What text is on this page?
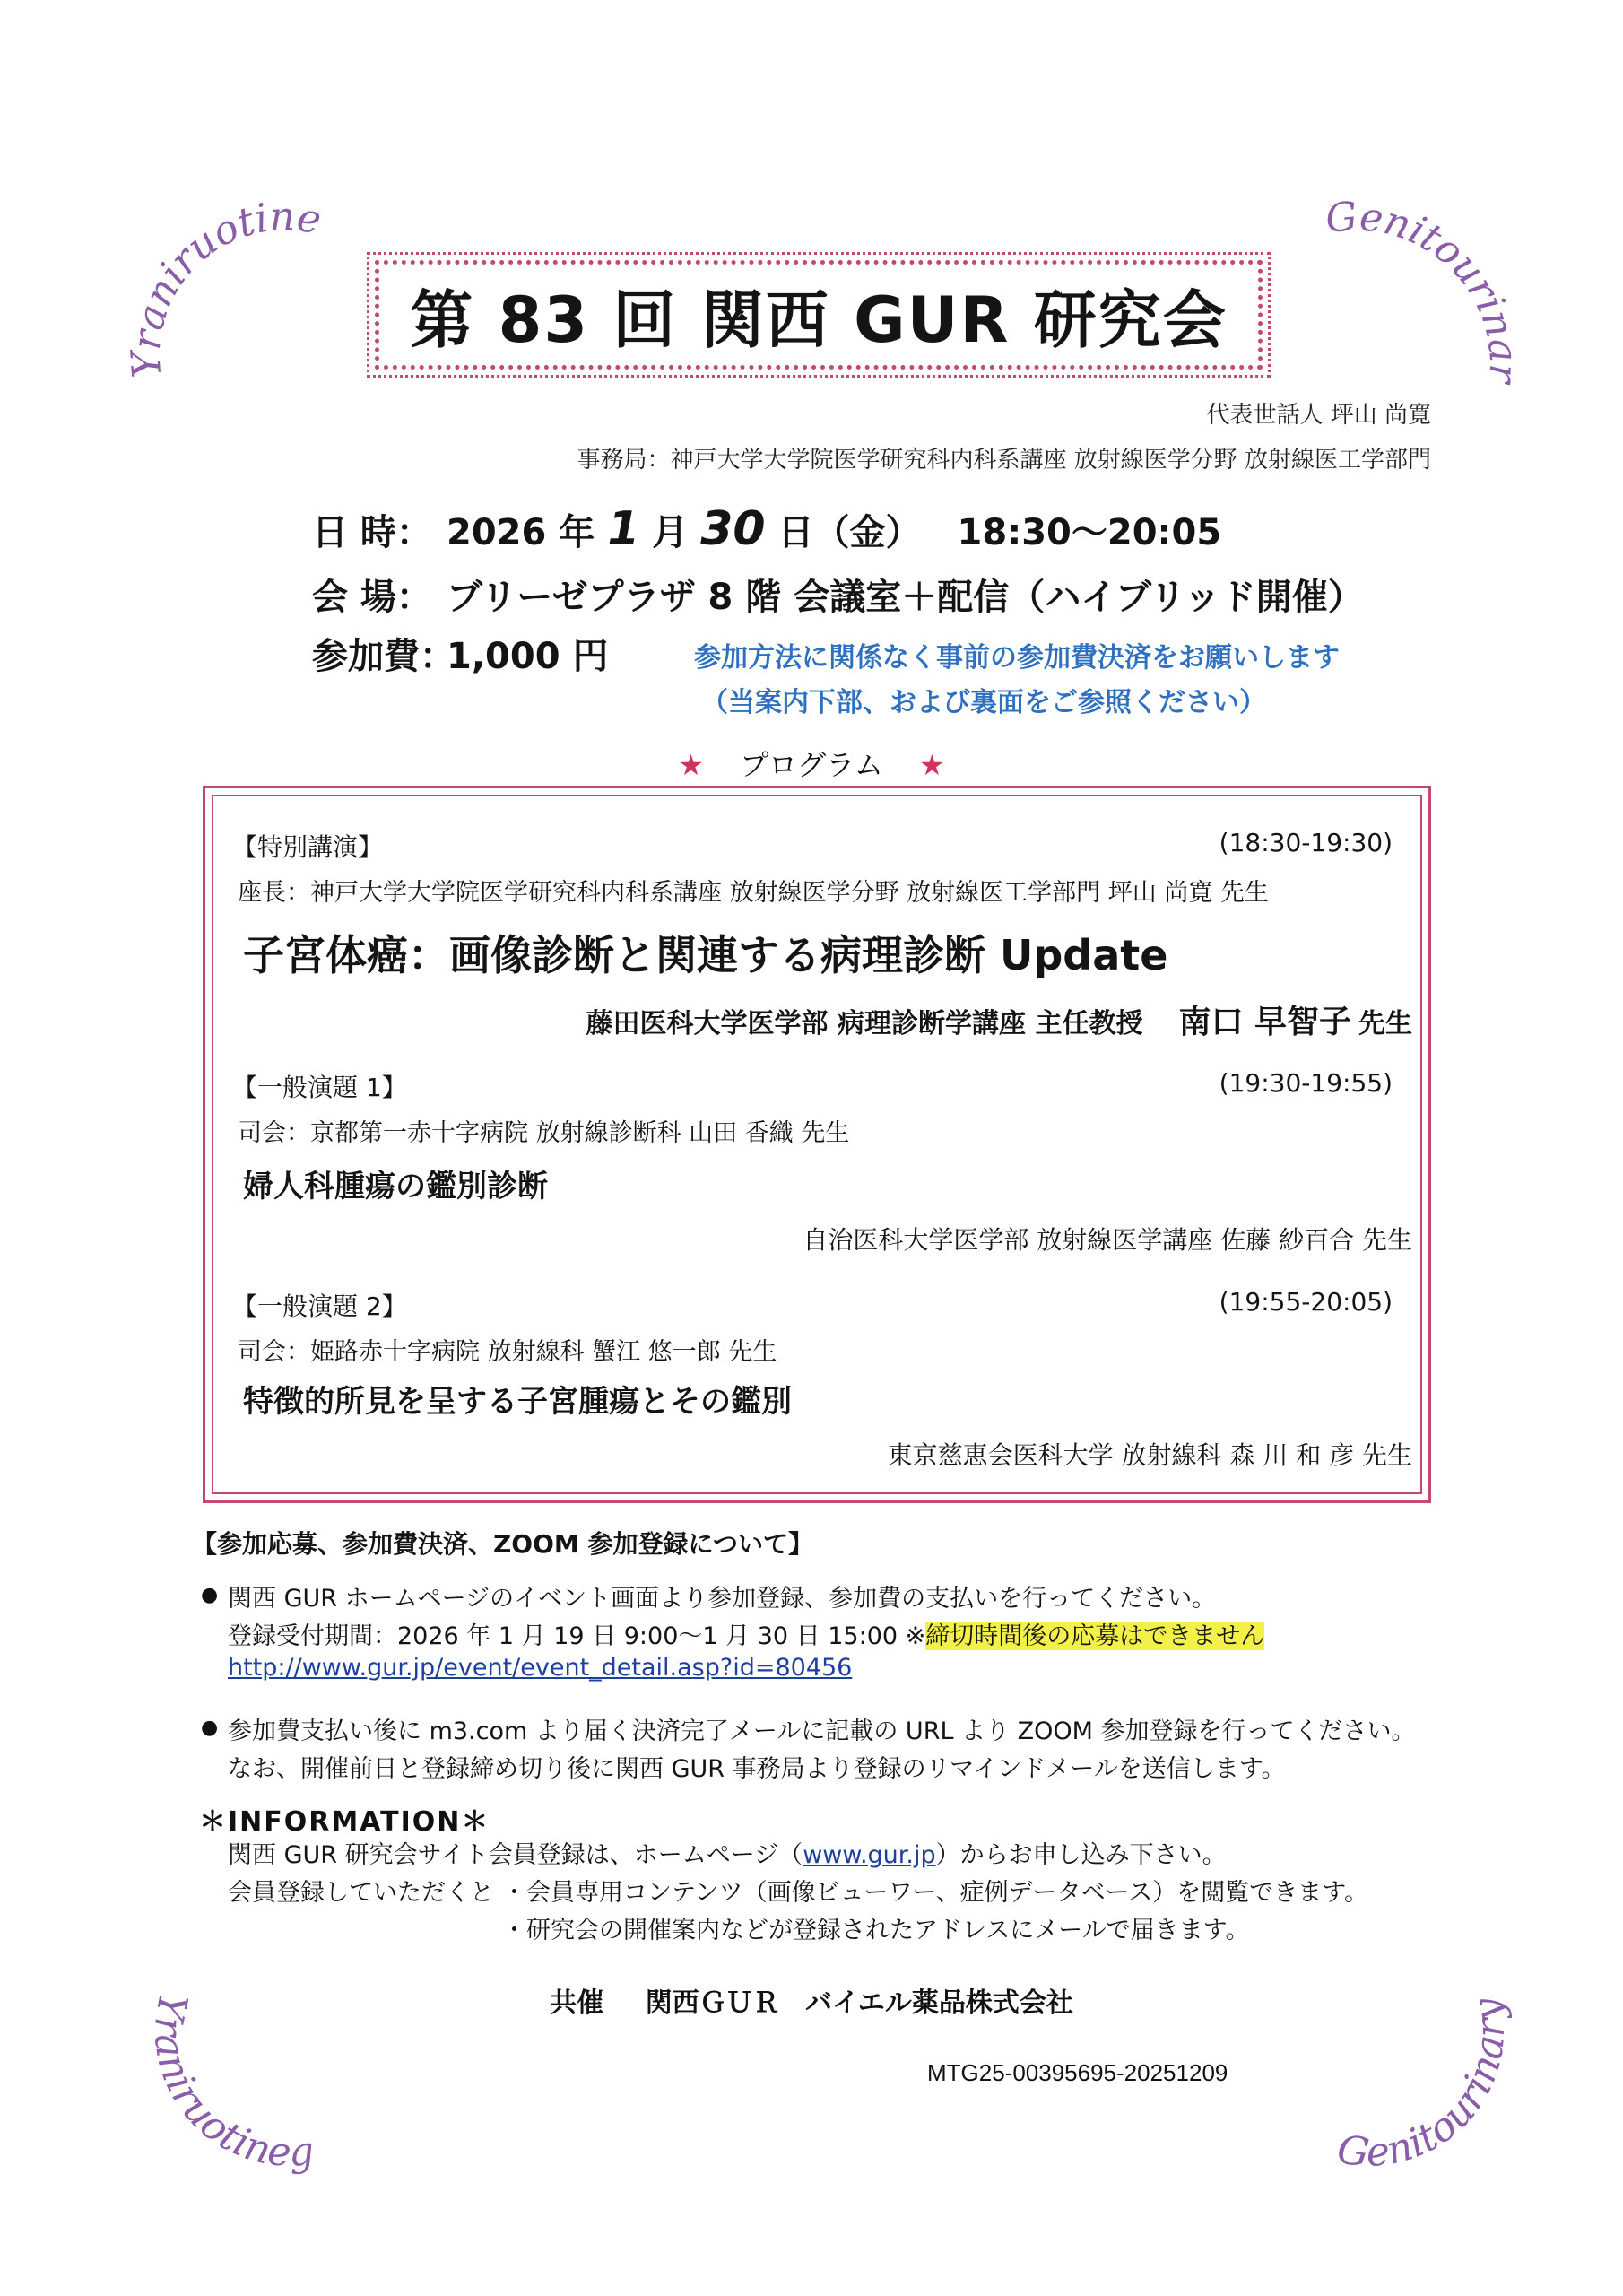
Yraniruotineg
Genitourinary
Yraniruotineg	Genitourinary
第 83 回 関西 GUR 研究会
代表世話人 坪山 尚寛
事務局：神戸大学大学院医学研究科内科系講座 放射線医学分野 放射線医工学部門
日 時： 2026 年 1 月 30 日（金） 18:30～20:05
会 場： ブリーゼプラザ 8 階 会議室＋配信（ハイブリッド開催）
参加費：1,000 円	参加方法に関係なく事前の参加費決済をお願いします
（当案内下部、および裏面をご参照ください）
★ プログラム ★
【特別講演】	(18:30-19:30)
座長：神戸大学大学院医学研究科内科系講座 放射線医学分野 放射線医工学部門 坪山 尚寛 先生
子宮体癌：画像診断と関連する病理診断 Update
藤田医科大学医学部 病理診断学講座 主任教授 南口 早智子 先生
【一般演題 1】	(19:30-19:55)
司会：京都第一赤十字病院 放射線診断科 山田 香織 先生
婦人科腫瘍の鑑別診断
自治医科大学医学部 放射線医学講座 佐藤 紗百合 先生
【一般演題 2】	(19:55-20:05)
司会：姫路赤十字病院 放射線科 蟹江 悠一郎 先生
特徴的所見を呈する子宮腫瘍とその鑑別
東京慈恵会医科大学 放射線科 森 川 和 彦 先生
【参加応募、参加費決済、ZOOM 参加登録について】
● 関西 GUR ホームページのイベント画面より参加登録、参加費の支払いを行ってください。
登録受付期間：2026 年 1 月 19 日 9:00～1 月 30 日 15:00 ※締切時間後の応募はできません
http://www.gur.jp/event/event_detail.asp?id=80456
● 参加費支払い後に m3.com より届く決済完了メールに記載の URL より ZOOM 参加登録を行ってください。
なお、開催前日と登録締め切り後に関西 GUR 事務局より登録のリマインドメールを送信します。
＊INFORMATION＊
関西 GUR 研究会サイト会員登録は、ホームページ（www.gur.jp）からお申し込み下さい。
会員登録していただくと ・会員専用コンテンツ（画像ビューワー、症例データベース）を閲覧できます。
・研究会の開催案内などが登録されたアドレスにメールで届きます。
共催 関西ＧＵＲ バイエル薬品株式会社
MTG25-00395695-20251209
